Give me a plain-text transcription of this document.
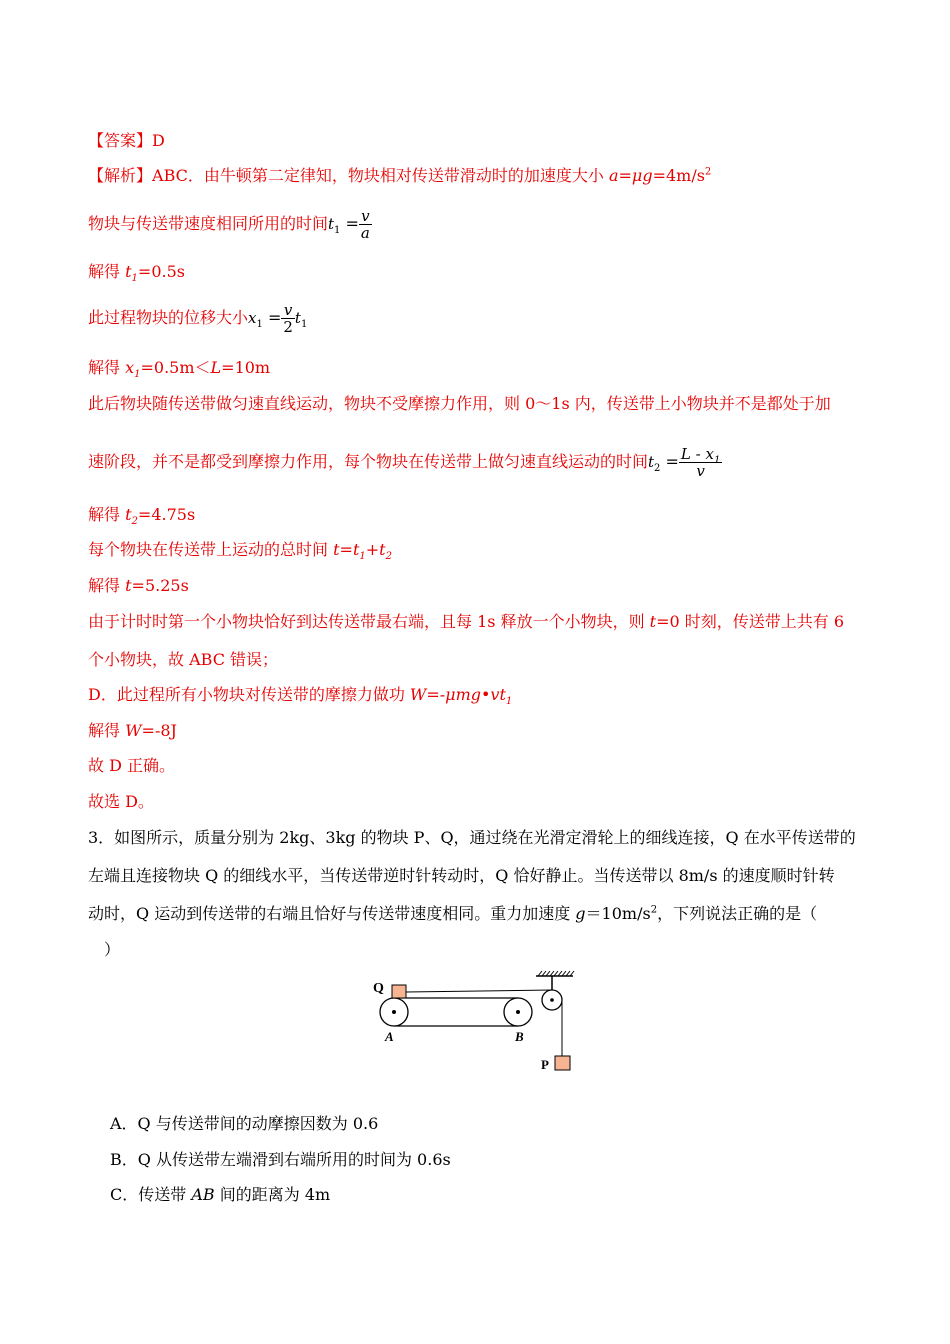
【答案】D
【解析】ABC．由牛顿第二定律知，物块相对传送带滑动时的加速度大小 $a=\mu g=4m/s^2$
物块与传送带速度相同所用的时间$t_1 = \frac{v}{a}$
解得 $t_1=0.5s$
此过程物块的位移大小$x_1 = \frac{v}{2} t_1$
解得 $x_1=0.5m<L=10m$
此后物块随传送带做匀速直线运动，物块不受摩擦力作用，则 0～1s 内，传送带上小物块并不是都处于加
速阶段，并不是都受到摩擦力作用，每个物块在传送带上做匀速直线运动的时间$t_2 = \frac{L - x_1}{v}$
解得 $t_2=4.75s$
每个物块在传送带上运动的总时间 $t=t_1+t_2$
解得 t=5.25s
由于计时时第一个小物块恰好到达传送带最右端，且每 1s 释放一个小物块，则 t=0 时刻，传送带上共有 6
个小物块，故 ABC 错误；
D．此过程所有小物块对传送带的摩擦力做功 $W=-\mu mg•vt_1$
解得 W=-8J
故 D 正确。
故选 D。
3．如图所示，质量分别为 2kg、3kg 的物块 P、Q，通过绕在光滑定滑轮上的细线连接，Q 在水平传送带的
左端且连接物块 Q 的细线水平，当传送带逆时针转动时，Q 恰好静止。当传送带以 8m/s 的速度顺时针转
动时，Q 运动到传送带的右端且恰好与传送带速度相同。重力加速度 $g=10m/s^2$，下列说法正确的是（
）
Q
A	B
P
A．Q 与传送带间的动摩擦因数为 0.6
B．Q 从传送带左端滑到右端所用的时间为 0.6s
C．传送带 AB 间的距离为 4m
